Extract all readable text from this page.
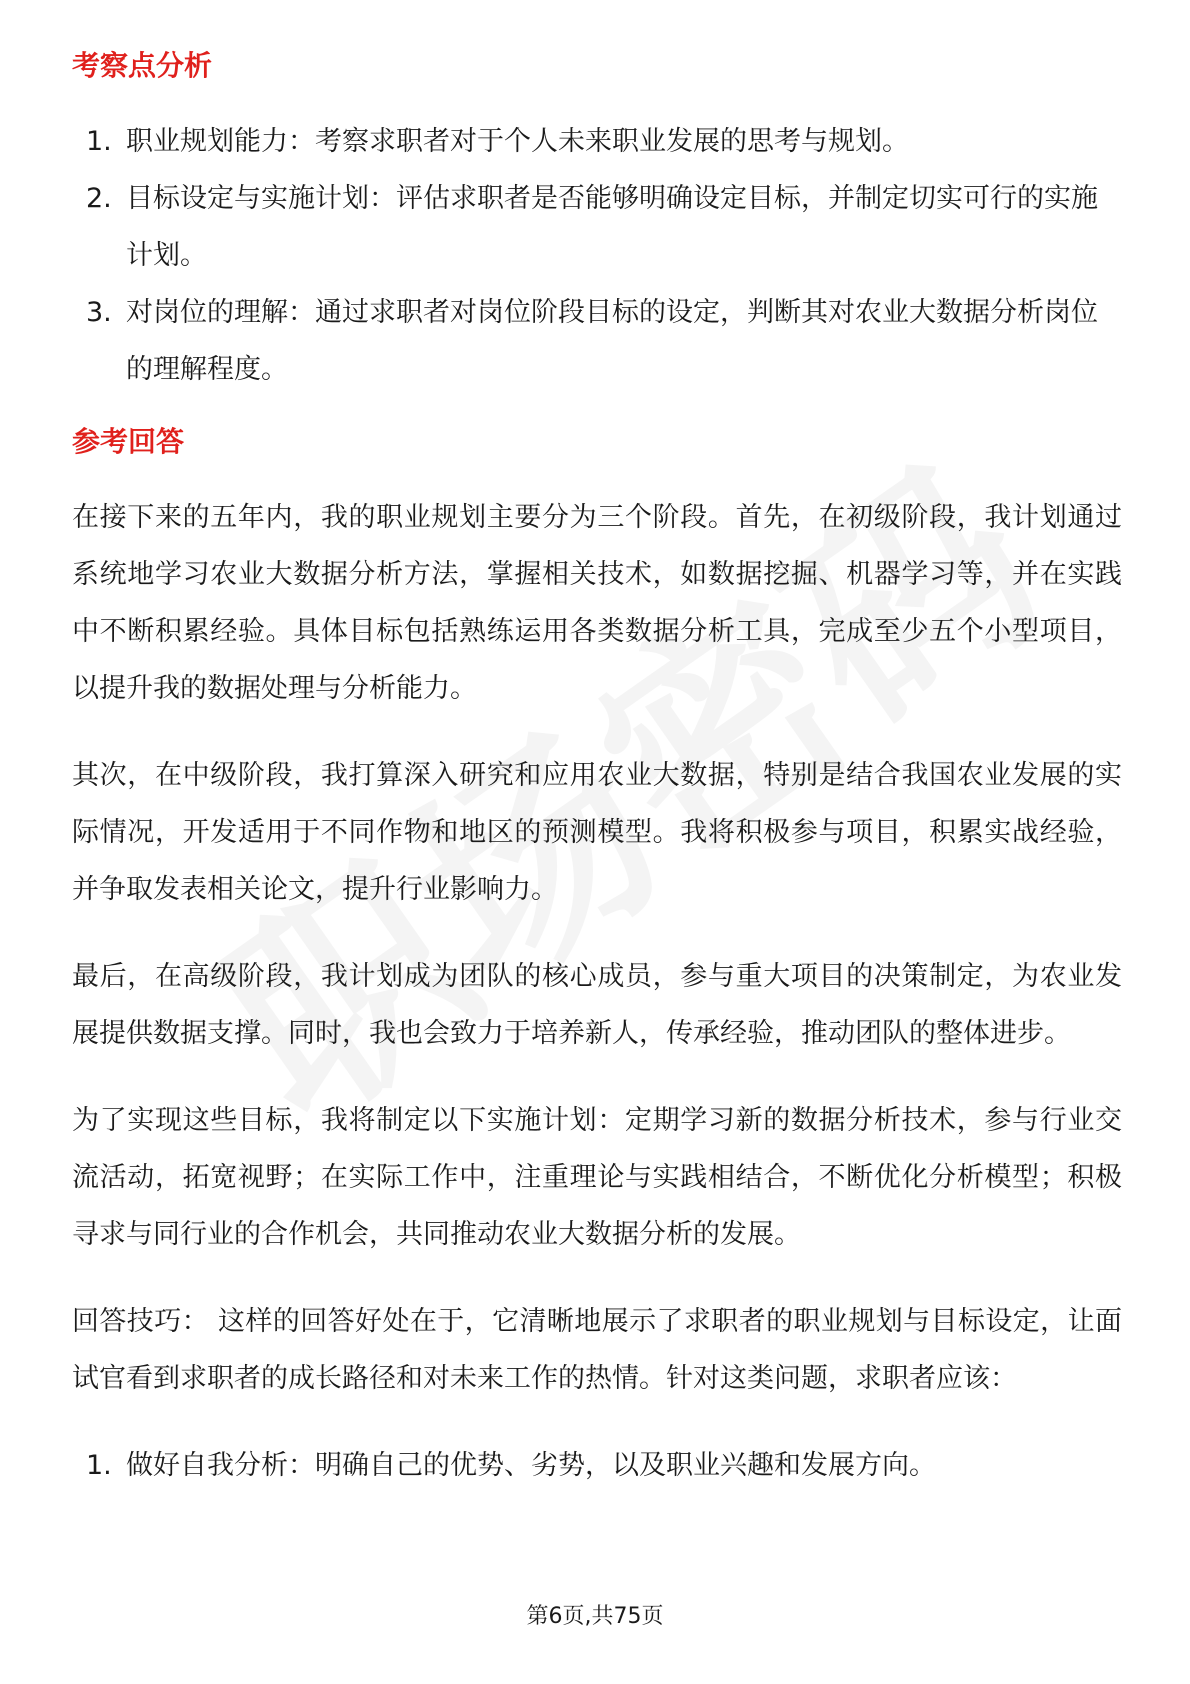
考察点分析
1. 职业规划能力：考察求职者对于个人未来职业发展的思考与规划。
2. 目标设定与实施计划：评估求职者是否能够明确设定目标，并制定切实可行的实施计划。
3. 对岗位的理解：通过求职者对岗位阶段目标的设定，判断其对农业大数据分析岗位的理解程度。
参考回答

在接下来的五年内，我的职业规划主要分为三个阶段。首先，在初级阶段，我计划通过系统地学习农业大数据分析方法，掌握相关技术，如数据挖掘、机器学习等，并在实践中不断积累经验。具体目标包括熟练运用各类数据分析工具，完成至少五个小型项目，以提升我的数据处理与分析能力。

其次，在中级阶段，我打算深入研究和应用农业大数据，特别是结合我国农业发展的实际情况，开发适用于不同作物和地区的预测模型。我将积极参与项目，积累实战经验，并争取发表相关论文，提升行业影响力。

最后，在高级阶段，我计划成为团队的核心成员，参与重大项目的决策制定，为农业发展提供数据支撑。同时，我也会致力于培养新人，传承经验，推动团队的整体进步。

为了实现这些目标，我将制定以下实施计划：定期学习新的数据分析技术，参与行业交流活动，拓宽视野；在实际工作中，注重理论与实践相结合，不断优化分析模型；积极寻求与同行业的合作机会，共同推动农业大数据分析的发展。

回答技巧： 这样的回答好处在于，它清晰地展示了求职者的职业规划与目标设定，让面试官看到求职者的成长路径和对未来工作的热情。针对这类问题，求职者应该：

1. 做好自我分析：明确自己的优势、劣势，以及职业兴趣和发展方向。
第6页,共75页
